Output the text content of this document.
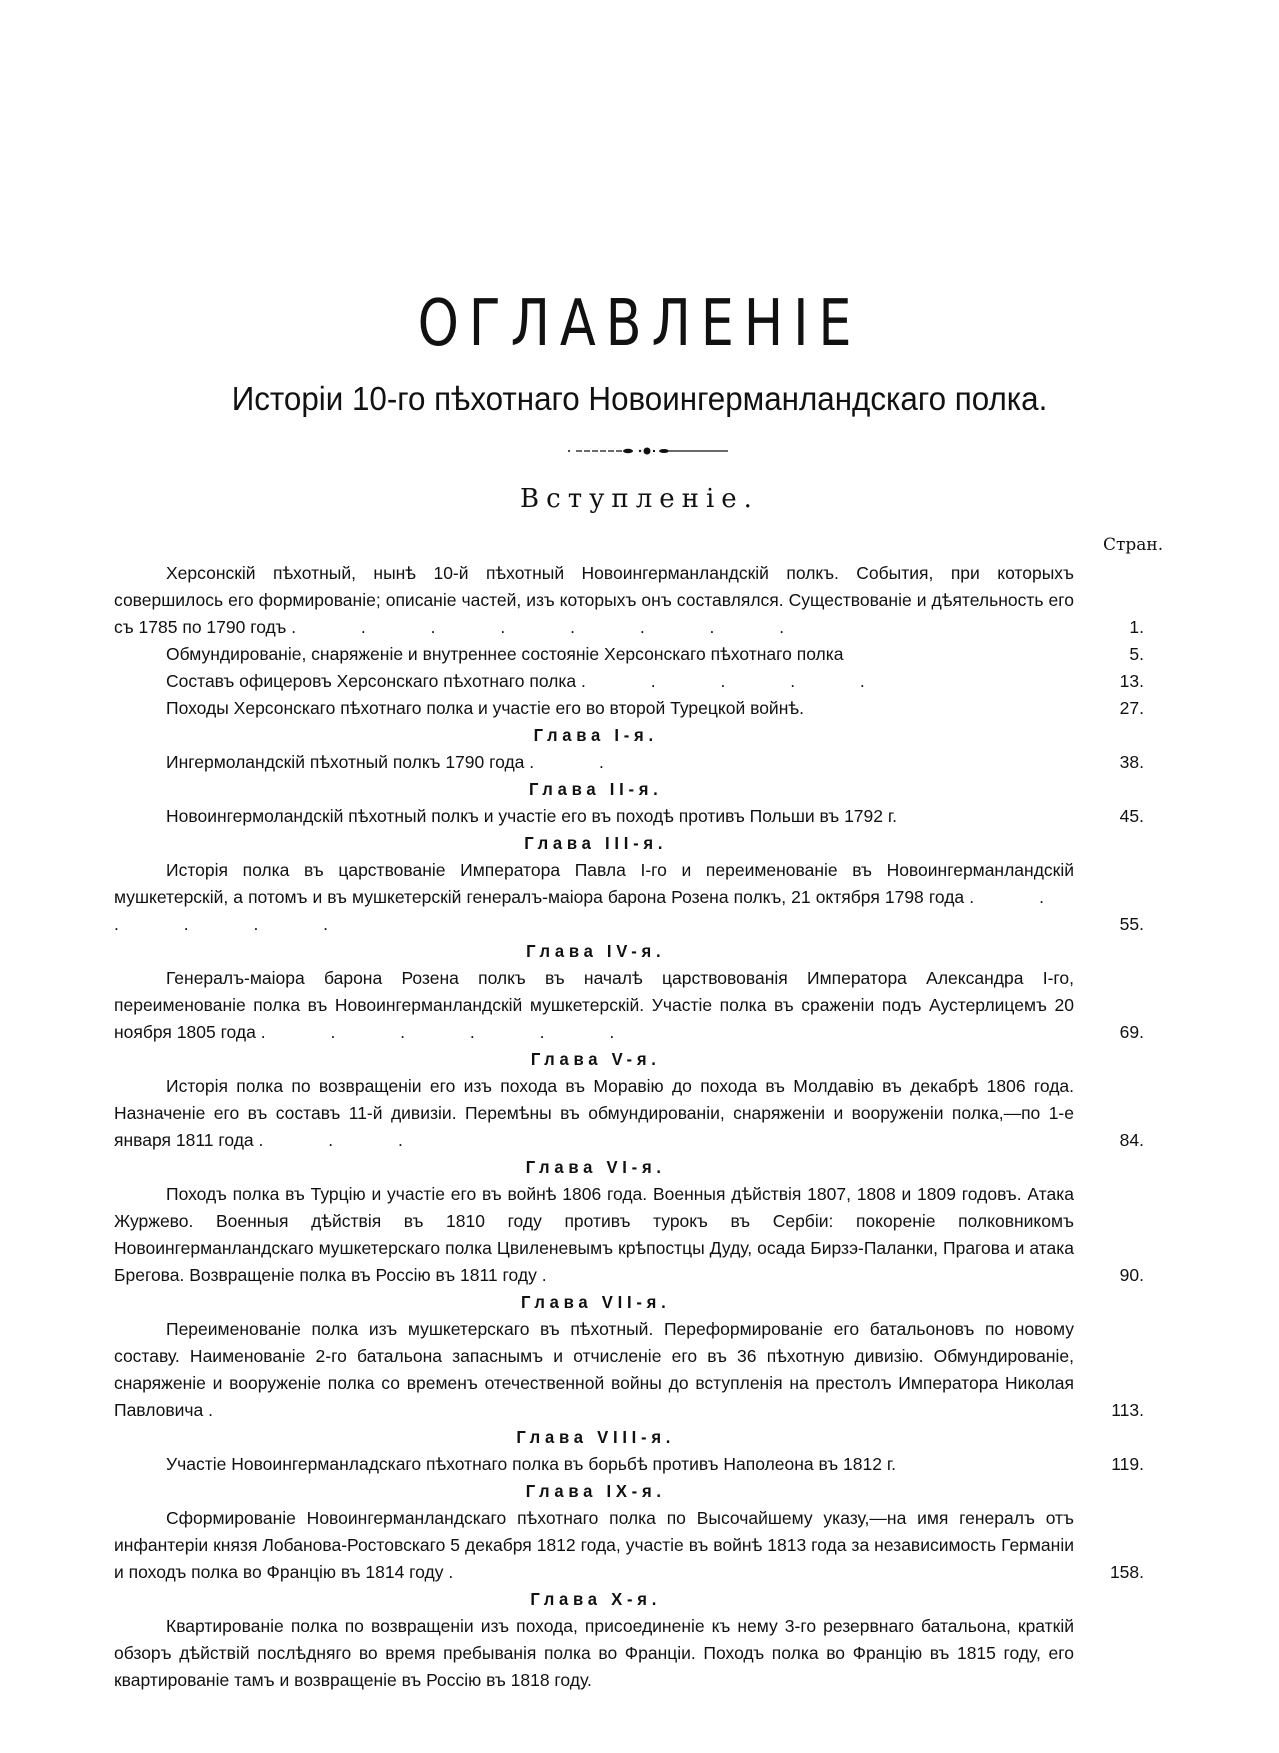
ОГЛАВЛЕНІЕ
Исторіи 10-го пѣхотнаго Новоингерманландскаго полка.
Вступленіе.
Стран.
Херсонскій пѣхотный, нынѣ 10-й пѣхотный Новоингерманландскій полкъ. События, при которыхъ совершилось его формированіе; описаніе частей, изъ которыхъ онъ составлялся. Существованіе и дѣятельность его съ 1785 по 1790 годъ . . . . . . . .	1.
Обмундированіе, снаряженіе и внутреннее состояніе Херсонскаго пѣхотнаго полка	5.
Составъ офицеровъ Херсонскаго пѣхотнаго полка . . . . .	13.
Походы Херсонскаго пѣхотнаго полка и участіе его во второй Турецкой войнѣ.	27.
Глава I-я.
Ингермоландскій пѣхотный полкъ 1790 года . .	38.
Глава II-я.
Новоингермоландскій пѣхотный полкъ и участіе его въ походѣ противъ Польши въ 1792 г.	45.
Глава III-я.
Исторія полка въ царствованіе Императора Павла I-го и переименованіе въ Новоингерманландскій мушкетерскій, а потомъ и въ мушкетерскій генералъ-маіора барона Розена полкъ, 21 октября 1798 года . . . . . .	55.
Глава IV-я.
Генералъ-маіора барона Розена полкъ въ началѣ царствовованія Императора Александра I-го, переименованіе полка въ Новоингерманландскій мушкетерскій. Участіе полка въ сраженіи подъ Аустерлицемъ 20 ноября 1805 года . . . . . .	69.
Глава V-я.
Исторія полка по возвращеніи его изъ похода въ Моравію до похода въ Молдавію въ декабрѣ 1806 года. Назначеніе его въ составъ 11-й дивизіи. Перемѣны въ обмундированіи, снаряженіи и вооруженіи полка,—по 1-е января 1811 года . . .	84.
Глава VI-я.
Походъ полка въ Турцію и участіе его въ войнѣ 1806 года. Военныя дѣйствія 1807, 1808 и 1809 годовъ. Атака Журжево. Военныя дѣйствія въ 1810 году противъ турокъ въ Сербіи: покореніе полковникомъ Новоингерманландскаго мушкетерскаго полка Цвиленевымъ крѣпостцы Дуду, осада Бирзэ-Паланки, Прагова и атака Брегова. Возвращеніе полка въ Россію въ 1811 году .	90.
Глава VII-я.
Переименованіе полка изъ мушкетерскаго въ пѣхотный. Переформированіе его батальоновъ по новому составу. Наименованіе 2-го батальона запаснымъ и отчисленіе его въ 36 пѣхотную дивизію. Обмундированіе, снаряженіе и вооруженіе полка со временъ отечественной войны до вступленія на престолъ Императора Николая Павловича .	113.
Глава VIII-я.
Участіе Новоингерманладскаго пѣхотнаго полка въ борьбѣ противъ Наполеона въ 1812 г.	119.
Глава IX-я.
Сформированіе Новоингерманландскаго пѣхотнаго полка по Высочайшему указу,—на имя генералъ отъ инфантеріи князя Лобанова-Ростовскаго 5 декабря 1812 года, участіе въ войнѣ 1813 года за независимость Германіи и походъ полка во Францію въ 1814 году .	158.
Глава X-я.
Квартированіе полка по возвращеніи изъ похода, присоединеніе къ нему 3-го резервнаго батальона, краткій обзоръ дѣйствій послѣдняго во время пребыванія полка во Франціи. Походъ полка во Францію въ 1815 году, его квартированіе тамъ и возвращеніе въ Россію въ 1818 году.
